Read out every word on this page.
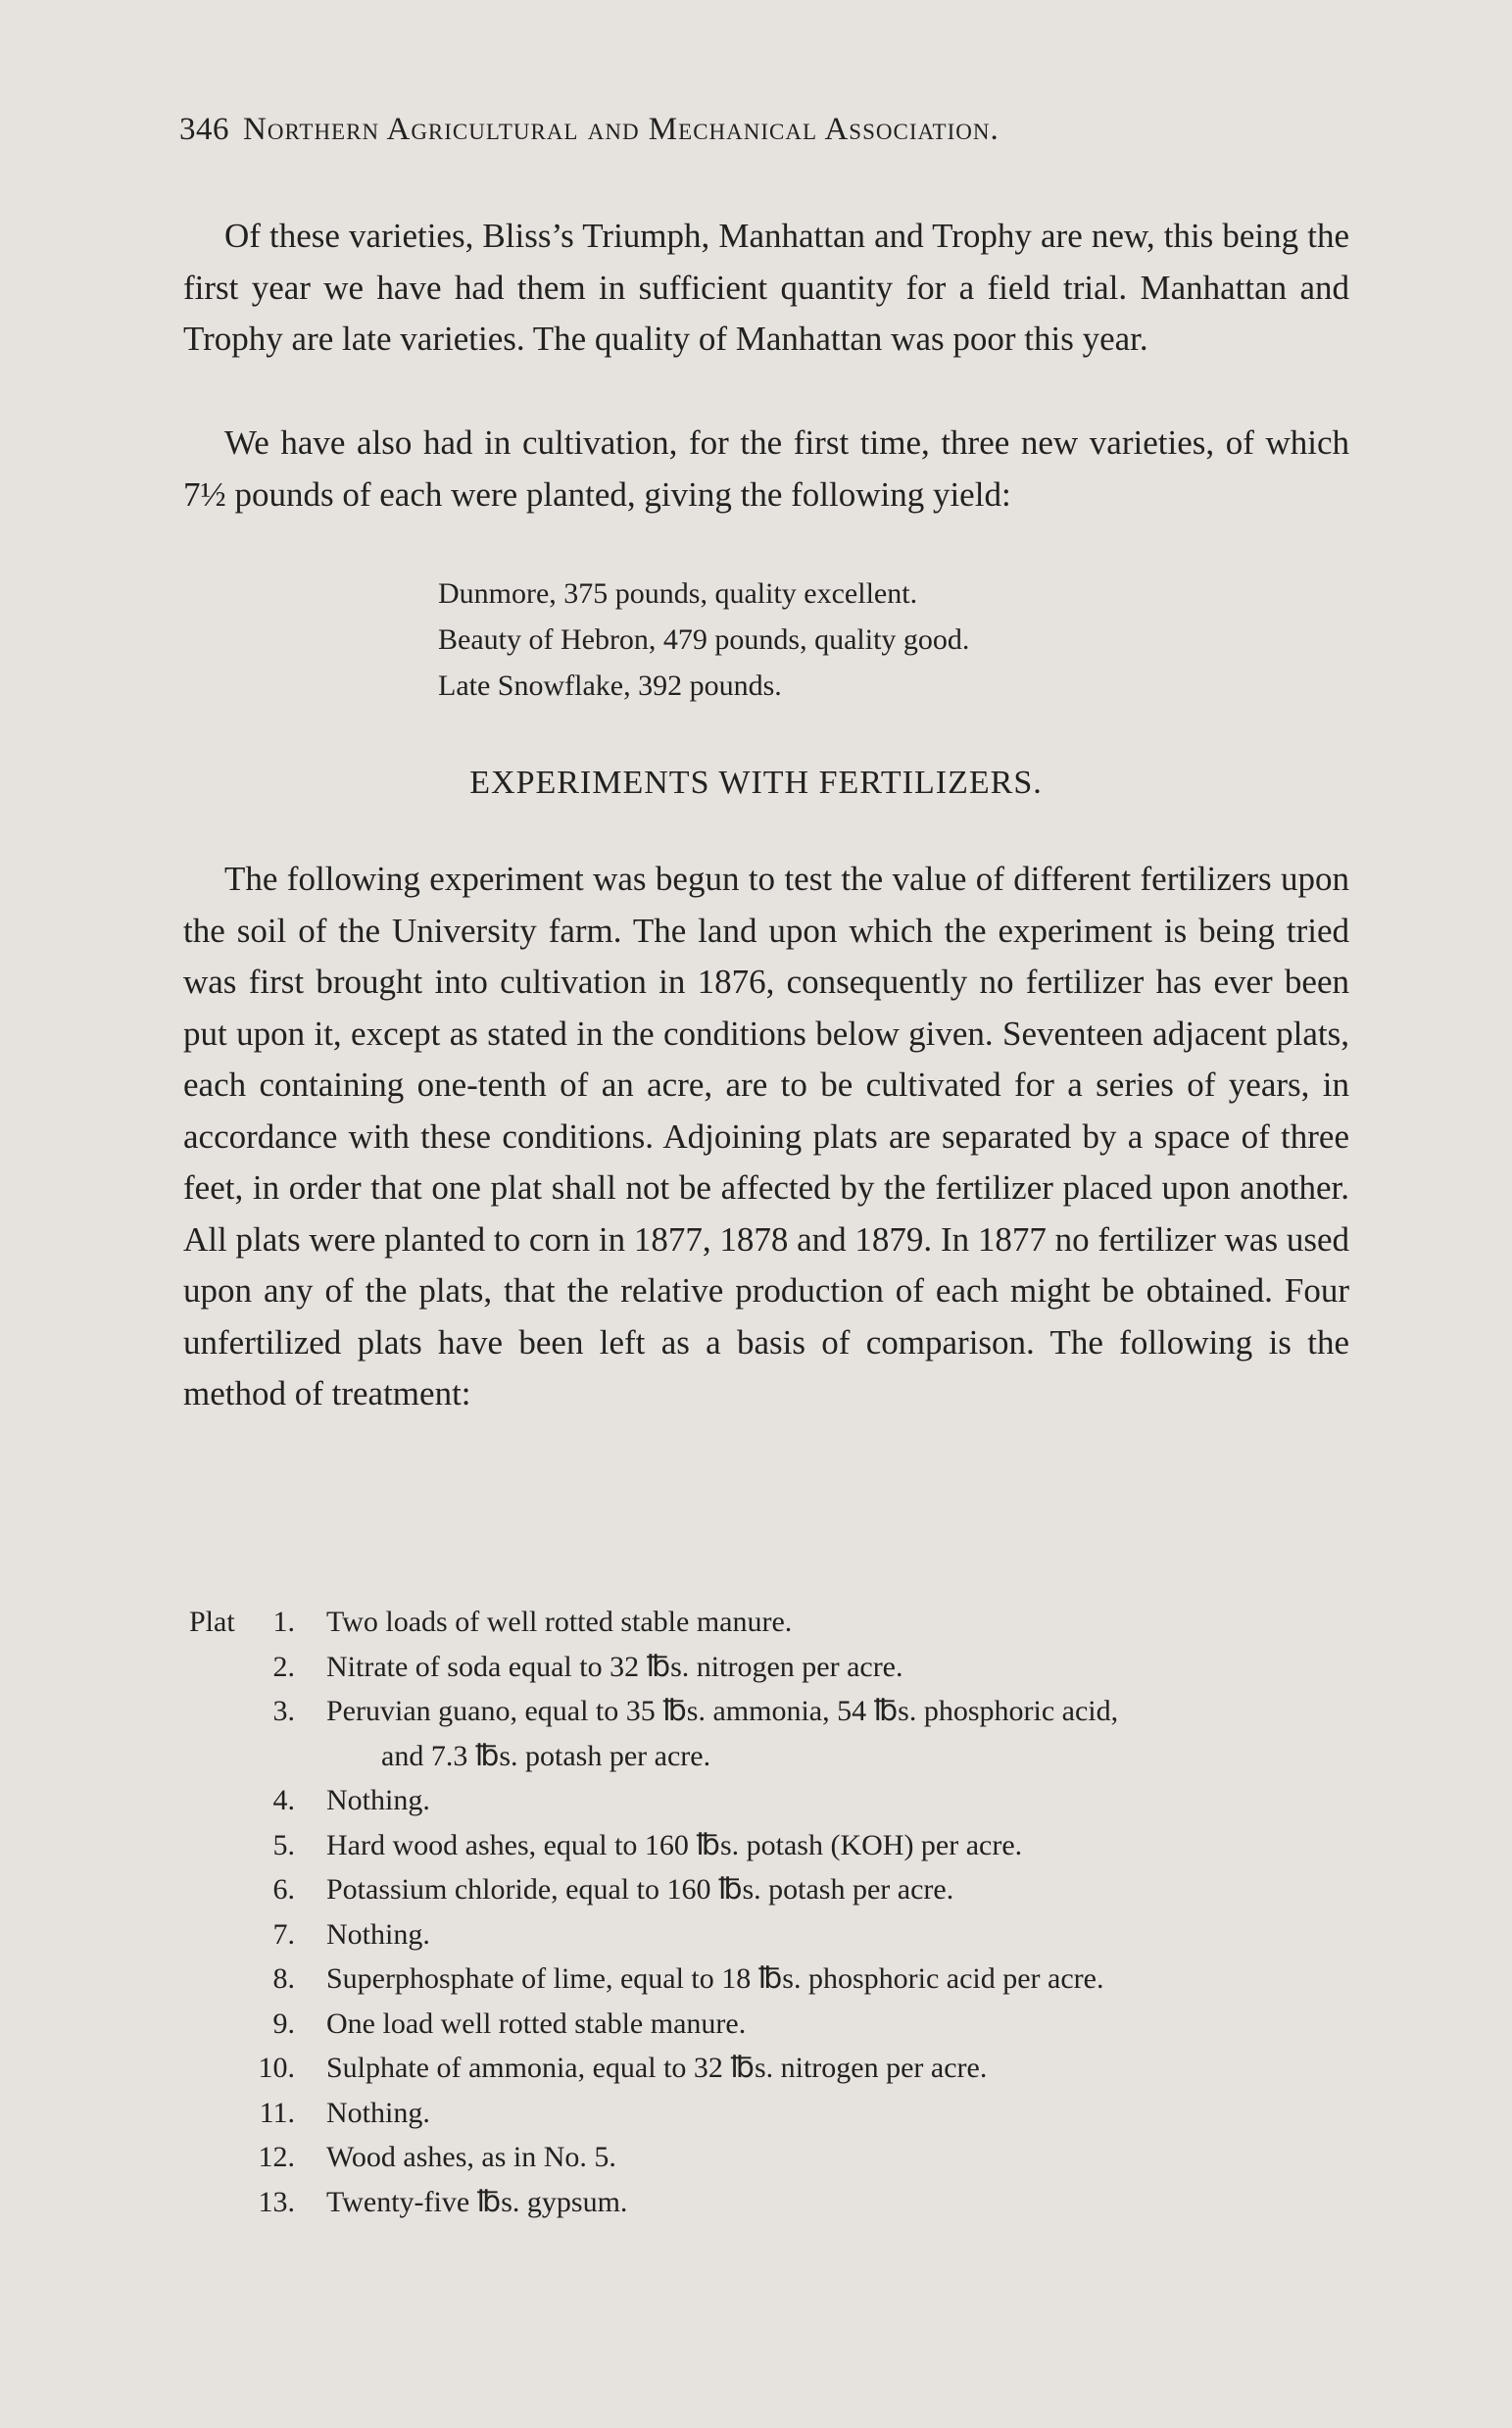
346 Northern Agricultural and Mechanical Association.

Of these varieties, Bliss’s Triumph, Manhattan and Trophy are new, this being the first year we have had them in sufficient quantity for a field trial. Manhattan and Trophy are late varieties. The quality of Manhattan was poor this year.

We have also had in cultivation, for the first time, three new varieties, of which 7½ pounds of each were planted, giving the following yield:

Dunmore, 375 pounds, quality excellent.
Beauty of Hebron, 479 pounds, quality good.
Late Snowflake, 392 pounds.
EXPERIMENTS WITH FERTILIZERS.

The following experiment was begun to test the value of different fertilizers upon the soil of the University farm. The land upon which the experiment is being tried was first brought into cultivation in 1876, consequently no fertilizer has ever been put upon it, except as stated in the conditions below given. Seventeen adjacent plats, each containing one-tenth of an acre, are to be cultivated for a series of years, in accordance with these conditions. Adjoining plats are separated by a space of three feet, in order that one plat shall not be affected by the fertilizer placed upon another. All plats were planted to corn in 1877, 1878 and 1879. In 1877 no fertilizer was used upon any of the plats, that the relative production of each might be obtained. Four unfertilized plats have been left as a basis of comparison. The following is the method of treatment:

Plat	1. Two loads of well rotted stable manure.
2. Nitrate of soda equal to 32 ℔s. nitrogen per acre.
3. Peruvian guano, equal to 35 ℔s. ammonia, 54 ℔s. phosphoric acid,
and 7.3 ℔s. potash per acre.
4. Nothing.
5. Hard wood ashes, equal to 160 ℔s. potash (KOH) per acre.
6. Potassium chloride, equal to 160 ℔s. potash per acre.
7. Nothing.
8. Superphosphate of lime, equal to 18 ℔s. phosphoric acid per acre.
9. One load well rotted stable manure.
10. Sulphate of ammonia, equal to 32 ℔s. nitrogen per acre.
11. Nothing.
12. Wood ashes, as in No. 5.
13. Twenty-five ℔s. gypsum.
